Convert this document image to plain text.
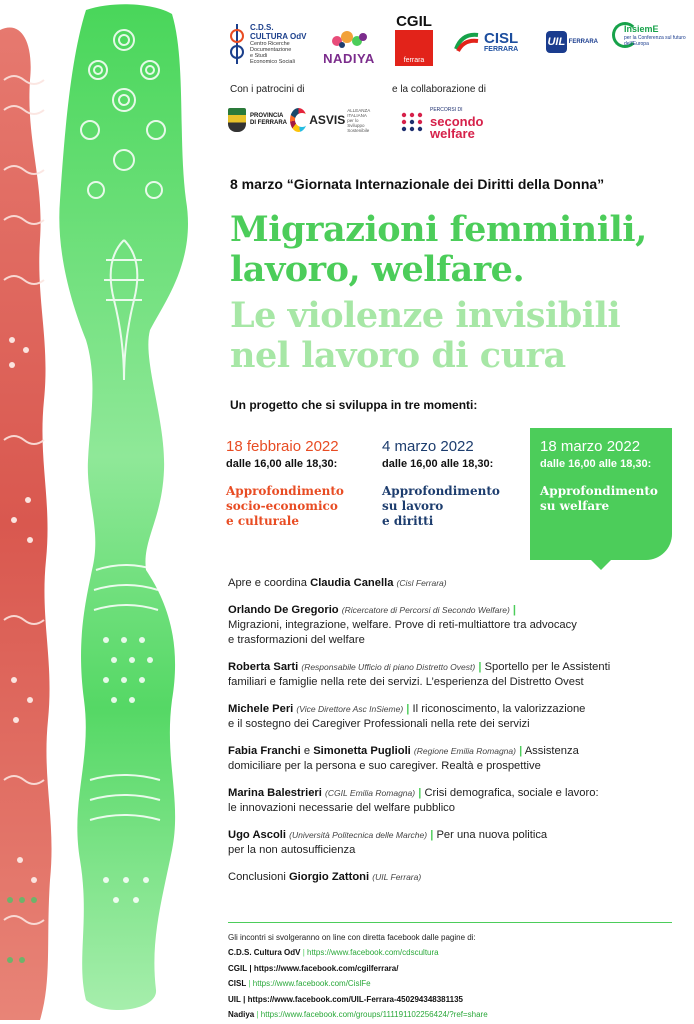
C.D.S.
CULTURA OdV
Centro Ricerche
Documentazione
e Studi
Economico Sociali	NADIYA
CGIL
ferrara
CISL
FERRARA
UIL FERRARA
InsiemE
per la Conferenza sul futuro dell'Europa
Con i patrocini di	e la collaborazione di
PROVINCIA
DI FERRARA ASVIS
ALLEANZA ITALIANA per lo Sviluppo Sostenibile
PERCORSI DI
secondo
welfare
8 marzo “Giornata Internazionale dei Diritti della Donna”
Migrazioni femminili,
lavoro, welfare.
Le violenze invisibili
nel lavoro di cura
Un progetto che si sviluppa in tre momenti:
18 febbraio 2022
dalle 16,00 alle 18,30:
Approfondimento
socio-economico
e culturale
4 marzo 2022
dalle 16,00 alle 18,30:
Approfondimento
su lavoro
e diritti
18 marzo 2022
dalle 16,00 alle 18,30:
Approfondimento
su welfare
Apre e coordina Claudia Canella (Cisl Ferrara)
Orlando De Gregorio (Ricercatore di Percorsi di Secondo Welfare) |
Migrazioni, integrazione, welfare. Prove di reti-multiattore tra advocacy
e trasformazioni del welfare
Roberta Sarti (Responsabile Ufficio di piano Distretto Ovest) | Sportello per le Assistenti
familiari e famiglie nella rete dei servizi. L’esperienza del Distretto Ovest
Michele Peri (Vice Direttore Asc InSieme) | Il riconoscimento, la valorizzazione
e il sostegno dei Caregiver Professionali nella rete dei servizi
Fabia Franchi e Simonetta Puglioli (Regione Emilia Romagna) | Assistenza
domiciliare per la persona e suo caregiver. Realtà e prospettive
Marina Balestrieri (CGIL Emilia Romagna) | Crisi demografica, sociale e lavoro:
le innovazioni necessarie del welfare pubblico
Ugo Ascoli (Università Politecnica delle Marche) | Per una nuova politica
per la non autosufficienza
Conclusioni Giorgio Zattoni (UIL Ferrara)
Gli incontri si svolgeranno on line con diretta facebook dalle pagine di:
C.D.S. Cultura OdV | https://www.facebook.com/cdscultura
CGIL | https://www.facebook.com/cgilferrara/
CISL | https://www.facebook.com/CislFe
UIL | https://www.facebook.com/UIL-Ferrara-450294348381135
Nadiya | https://www.facebook.com/groups/1111911022564​24/?ref=share
